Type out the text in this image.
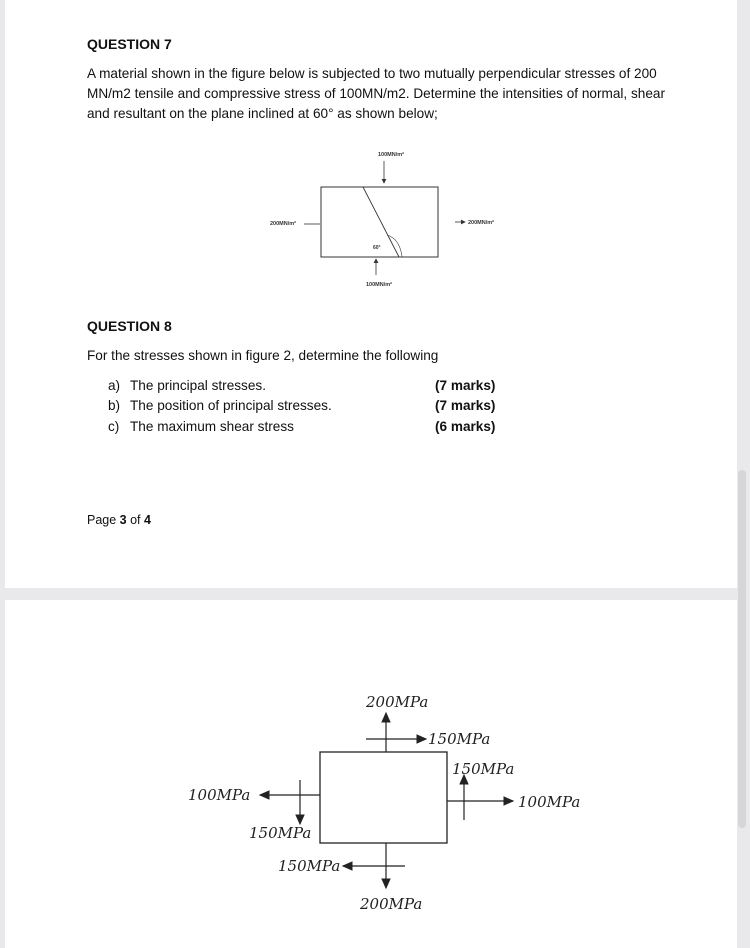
QUESTION 7
A material shown in the figure below is subjected to two mutually perpendicular stresses of 200
MN/m2 tensile and compressive stress of 100MN/m2. Determine the intensities of normal, shear
and resultant on the plane inclined at 60° as shown below;
100MN/m²
60°
100MN/m²
200MN/m²	200MN/m²
QUESTION 8
For the stresses shown in figure 2, determine the following
a) The principal stresses.	(7 marks)
b) The position of principal stresses.	(7 marks)
c) The maximum shear stress	(6 marks)
Page 3 of 4
200MPa
150MPa
150MPa
100MPa
100MPa
150MPa
150MPa
200MPa
